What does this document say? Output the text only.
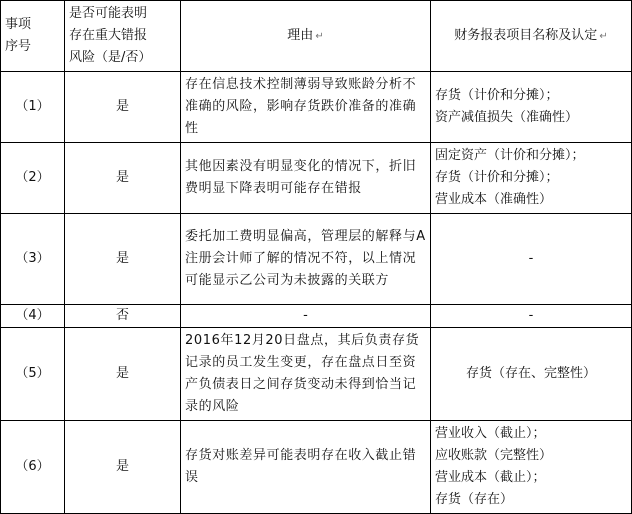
事项
序号	是否可能表明
存在重大错报
风险（是/否）	理由 ↵	财务报表项目名称及认定 ↵
（1）	是	存在信息技术控制薄弱导致账龄分析不准确的风险，影响存货跌价准备的准确性	存货（计价和分摊）；
资产减值损失（准确性）

（2）	是	其他因素没有明显变化的情况下，折旧费明显下降表明可能存在错报	固定资产（计价和分摊）；
存货（计价和分摊）；
营业成本（准确性）

（3）	是	委托加工费明显偏高，管理层的解释与A注册会计师了解的情况不符，以上情况可能显示乙公司为未披露的关联方	-
（4）	否	-	-
（5）	是	2016年12月20日盘点，其后负责存货记录的员工发生变更，存在盘点日至资产负债表日之间存货变动未得到恰当记录的风险	存货（存在、完整性）
（6）	是	存货对账差异可能表明存在收入截止错误	营业收入（截止）；
应收账款（完整性）
营业成本（截止）；
存货（存在）
